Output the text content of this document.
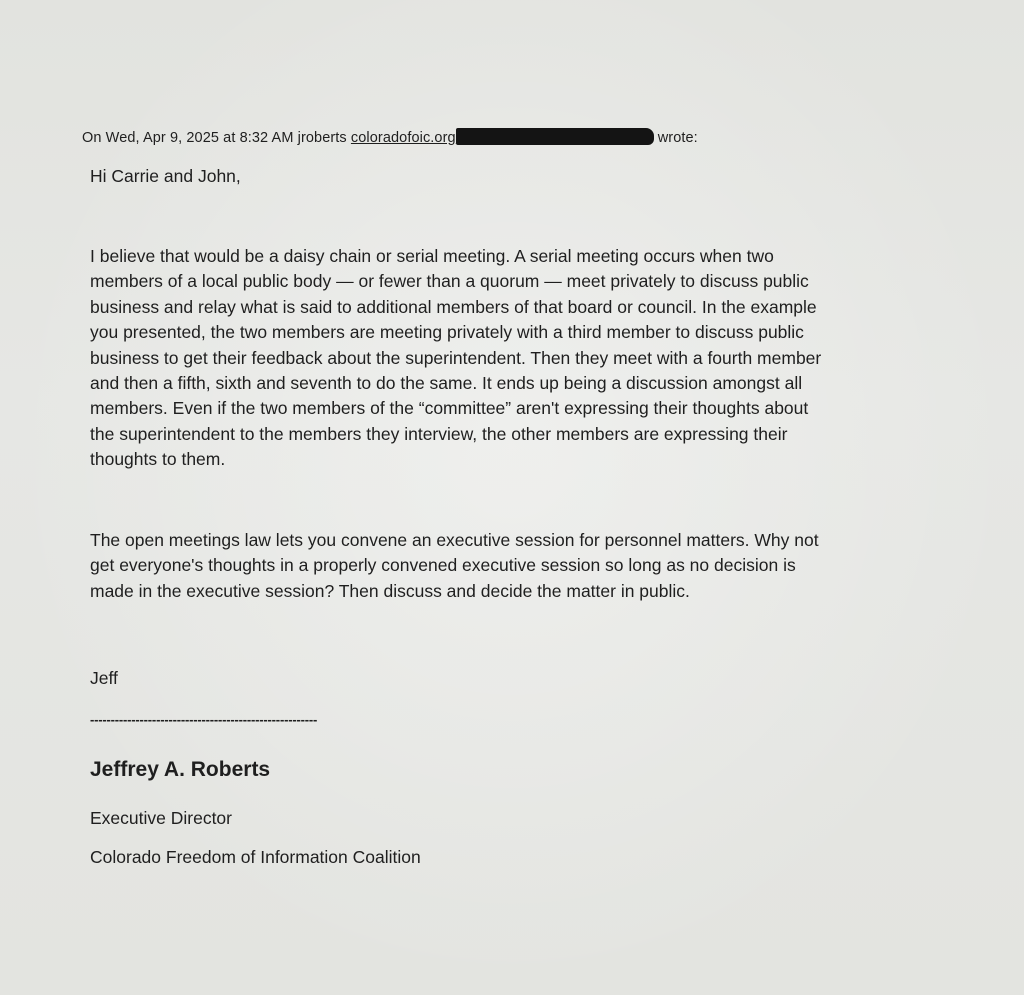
On Wed, Apr 9, 2025 at 8:32 AM jroberts coloradofoic.org	wrote:
Hi Carrie and John,
I believe that would be a daisy chain or serial meeting. A serial meeting occurs when two
members of a local public body — or fewer than a quorum — meet privately to discuss public
business and relay what is said to additional members of that board or council. In the example
you presented, the two members are meeting privately with a third member to discuss public
business to get their feedback about the superintendent. Then they meet with a fourth member
and then a fifth, sixth and seventh to do the same. It ends up being a discussion amongst all
members. Even if the two members of the “committee” aren't expressing their thoughts about
the superintendent to the members they interview, the other members are expressing their
thoughts to them.
The open meetings law lets you convene an executive session for personnel matters. Why not
get everyone's thoughts in a properly convened executive session so long as no decision is
made in the executive session? Then discuss and decide the matter in public.
Jeff
-------------------------------------------------------
Jeffrey A. Roberts
Executive Director
Colorado Freedom of Information Coalition
